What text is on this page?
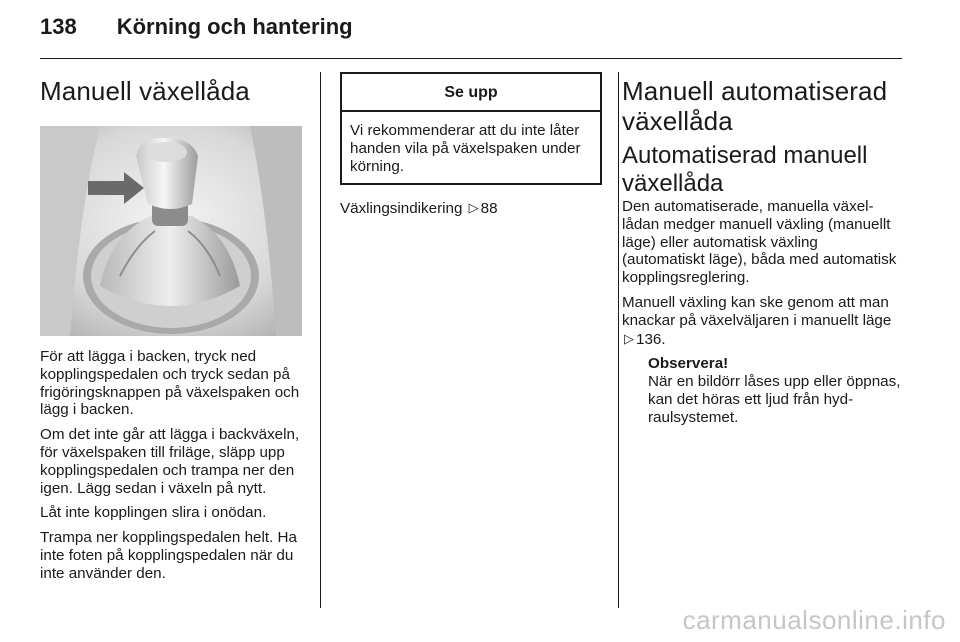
138 Körning och hantering
Manuell växellåda

För att lägga i backen, tryck ned kopplingspedalen och tryck sedan på frigöringsknappen på växelspaken och lägg i backen.

Om det inte går att lägga i backväxeln, för växelspaken till friläge, släpp upp kopplingspedalen och trampa ner den igen. Lägg sedan i växeln på nytt.

Låt inte kopplingen slira i onödan.

Trampa ner kopplingspedalen helt. Ha inte foten på kopplingspedalen när du inte använder den.

Se upp
Vi rekommenderar att du inte låter handen vila på växelspaken under körning.

Växlingsindikering ▷ 88

Manuell automatiserad växellåda
Automatiserad manuell växellåda

Den automatiserade, manuella växellådan medger manuell växling (manuellt läge) eller automatisk växling (automatiskt läge), båda med automatisk kopplingsreglering.

Manuell växling kan ske genom att man knackar på växelväljaren i manuellt läge ▷ 136.

Observera!

När en bildörr låses upp eller öppnas, kan det höras ett ljud från hydraulsystemet.

carmanualsonline.info
